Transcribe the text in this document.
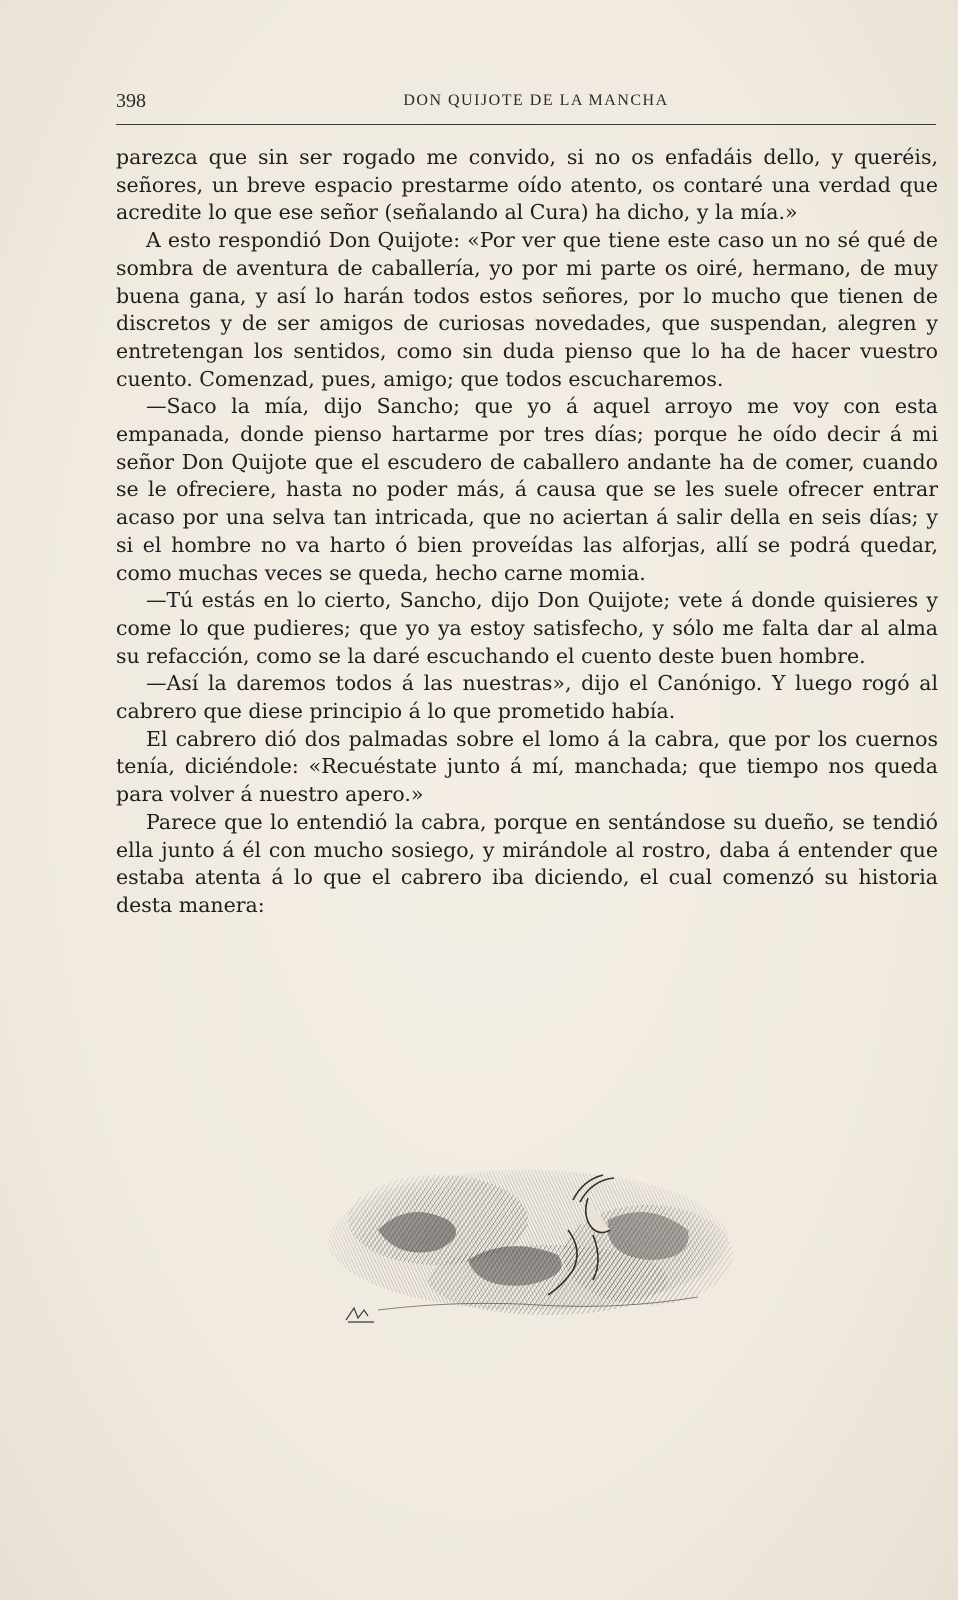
398	DON QUIJOTE DE LA MANCHA

parezca que sin ser rogado me convido, si no os enfadáis dello, y queréis, señores, un breve espacio prestarme oído atento, os contaré una verdad que acredite lo que ese señor (señalando al Cura) ha dicho, y la mía.»

A esto respondió Don Quijote: «Por ver que tiene este caso un no sé qué de sombra de aventura de caballería, yo por mi parte os oiré, hermano, de muy buena gana, y así lo harán todos estos señores, por lo mucho que tienen de discretos y de ser amigos de curiosas novedades, que suspendan, alegren y entretengan los sentidos, como sin duda pienso que lo ha de hacer vuestro cuento. Comenzad, pues, amigo; que todos escucharemos.

—Saco la mía, dijo Sancho; que yo á aquel arroyo me voy con esta empanada, donde pienso hartarme por tres días; porque he oído decir á mi señor Don Quijote que el escudero de caballero andante ha de comer, cuando se le ofreciere, hasta no poder más, á causa que se les suele ofrecer entrar acaso por una selva tan intricada, que no aciertan á salir della en seis días; y si el hombre no va harto ó bien proveídas las alforjas, allí se podrá quedar, como muchas veces se queda, hecho carne momia.

—Tú estás en lo cierto, Sancho, dijo Don Quijote; vete á donde quisieres y come lo que pudieres; que yo ya estoy satisfecho, y sólo me falta dar al alma su refacción, como se la daré escuchando el cuento deste buen hombre.

—Así la daremos todos á las nuestras», dijo el Canónigo. Y luego rogó al cabrero que diese principio á lo que prometido había.

El cabrero dió dos palmadas sobre el lomo á la cabra, que por los cuernos tenía, diciéndole: «Recuéstate junto á mí, manchada; que tiempo nos queda para volver á nuestro apero.»

Parece que lo entendió la cabra, porque en sentándose su dueño, se tendió ella junto á él con mucho sosiego, y mirándole al rostro, daba á entender que estaba atenta á lo que el cabrero iba diciendo, el cual comenzó su historia desta manera:
